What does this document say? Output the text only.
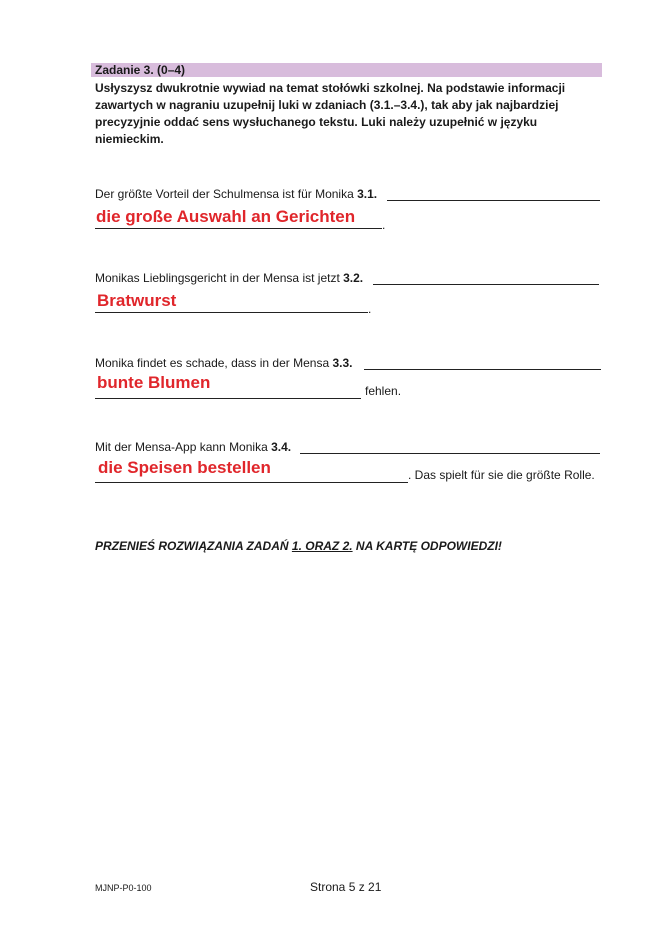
Zadanie 3. (0–4)
Usłyszysz dwukrotnie wywiad na temat stołówki szkolnej. Na podstawie informacji zawartych w nagraniu uzupełnij luki w zdaniach (3.1.–3.4.), tak aby jak najbardziej precyzyjnie oddać sens wysłuchanego tekstu. Luki należy uzupełnić w języku niemieckim.
Der größte Vorteil der Schulmensa ist für Monika 3.1.
die große Auswahl an Gerichten .
Monikas Lieblingsgericht in der Mensa ist jetzt 3.2.
Bratwurst	.
Monika findet es schade, dass in der Mensa 3.3.
bunte Blumen	fehlen.
Mit der Mensa-App kann Monika 3.4.
die Speisen bestellen	. Das spielt für sie die größte Rolle.
PRZENIEŚ ROZWIĄZANIA ZADAŃ 1. ORAZ 2. NA KARTĘ ODPOWIEDZI!
MJNP-P0-100	Strona 5 z 21
